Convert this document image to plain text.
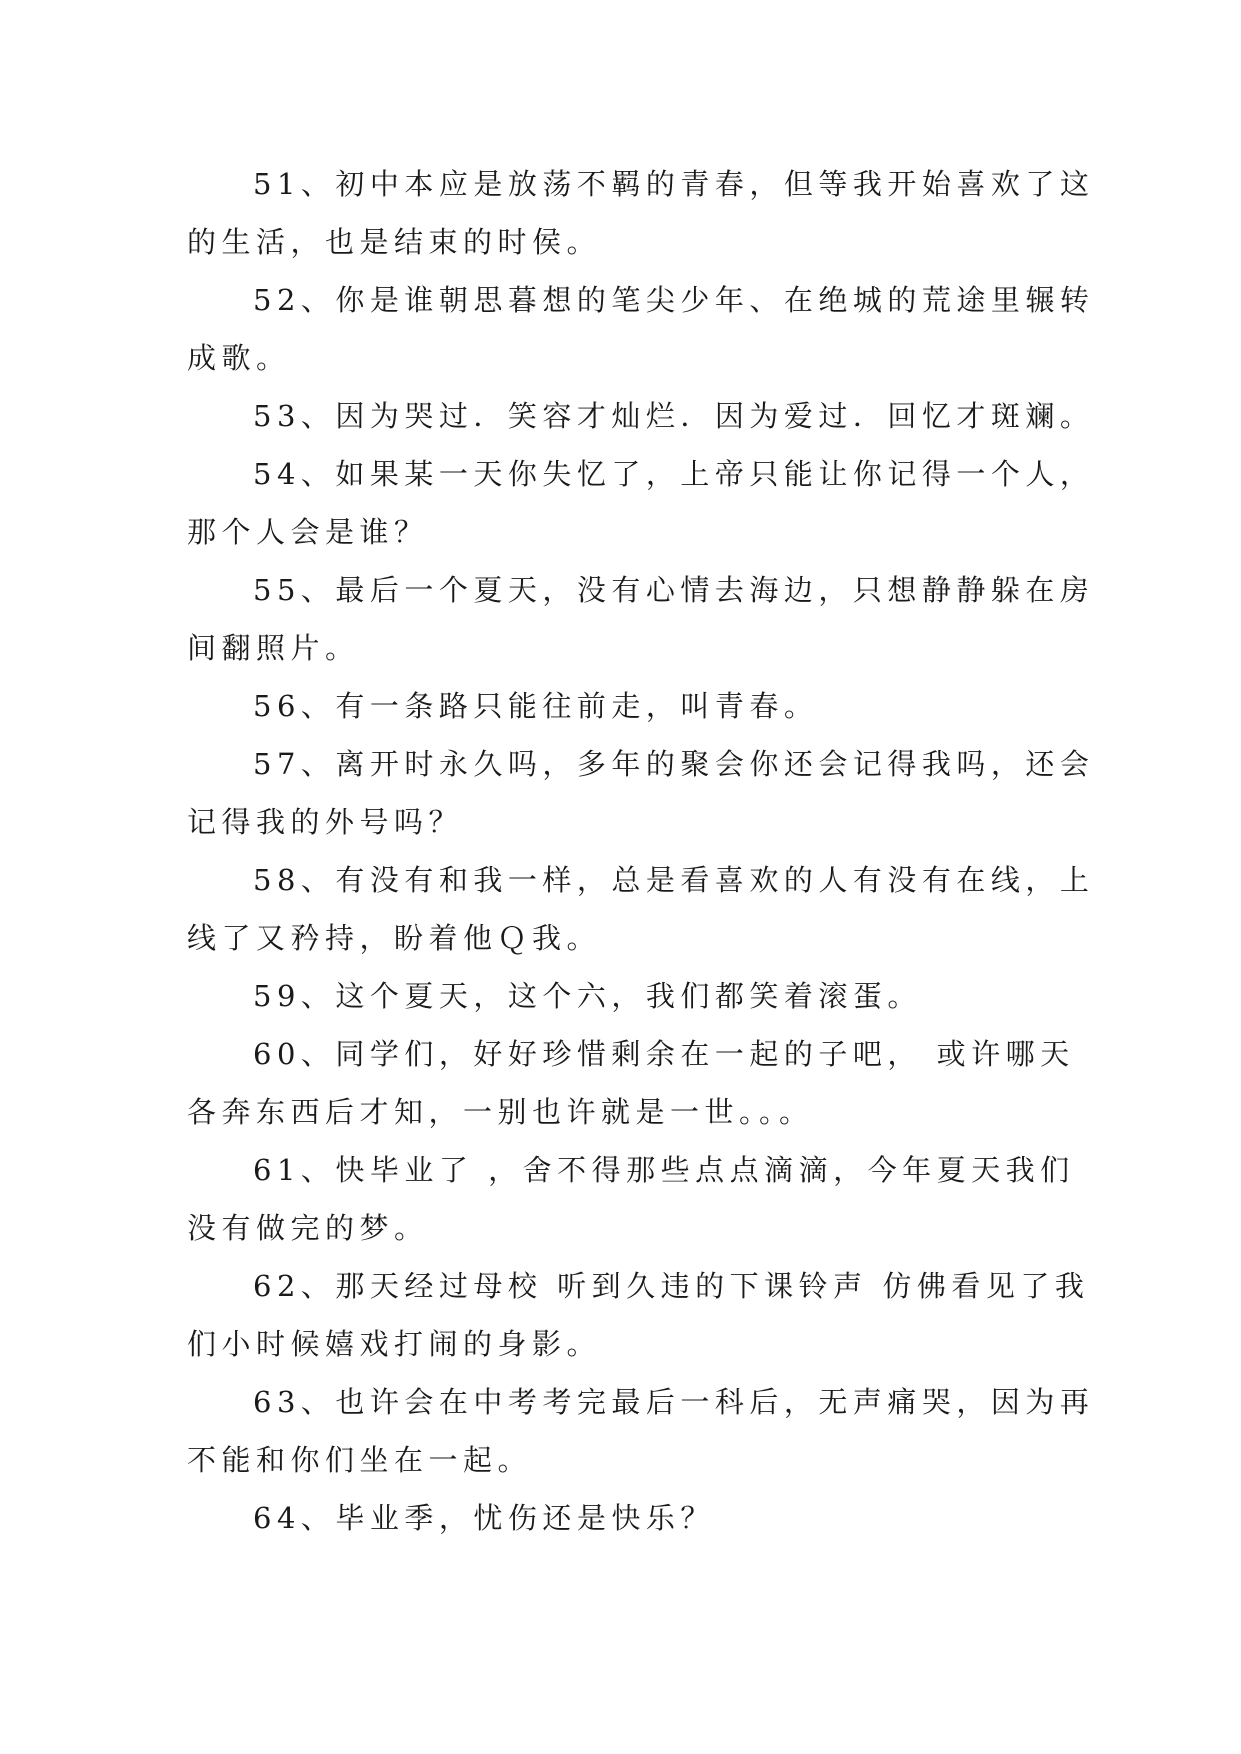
51、初中本应是放荡不羁的青春，但等我开始喜欢了这
的生活，也是结束的时侯。
52、你是谁朝思暮想的笔尖少年、在绝城的荒途里辗转
成歌。
53、因为哭过．笑容才灿烂．因为爱过．回忆才斑斓。
54、如果某一天你失忆了，上帝只能让你记得一个人，
那个人会是谁？
55、最后一个夏天，没有心情去海边，只想静静躲在房
间翻照片。
56、有一条路只能往前走，叫青春。
57、离开时永久吗，多年的聚会你还会记得我吗，还会
记得我的外号吗？
58、有没有和我一样，总是看喜欢的人有没有在线，上
线了又矜持，盼着他Ｑ我。
59、这个夏天，这个六，我们都笑着滚蛋。
60、同学们，好好珍惜剩余在一起的子吧， 或许哪天
各奔东西后才知，一别也许就是一世。。。
61、快毕业了 ，舍不得那些点点滴滴，今年夏天我们
没有做完的梦。
62、那天经过母校 听到久违的下课铃声 仿佛看见了我
们小时候嬉戏打闹的身影。
63、也许会在中考考完最后一科后，无声痛哭，因为再
不能和你们坐在一起。
64、毕业季，忧伤还是快乐？
